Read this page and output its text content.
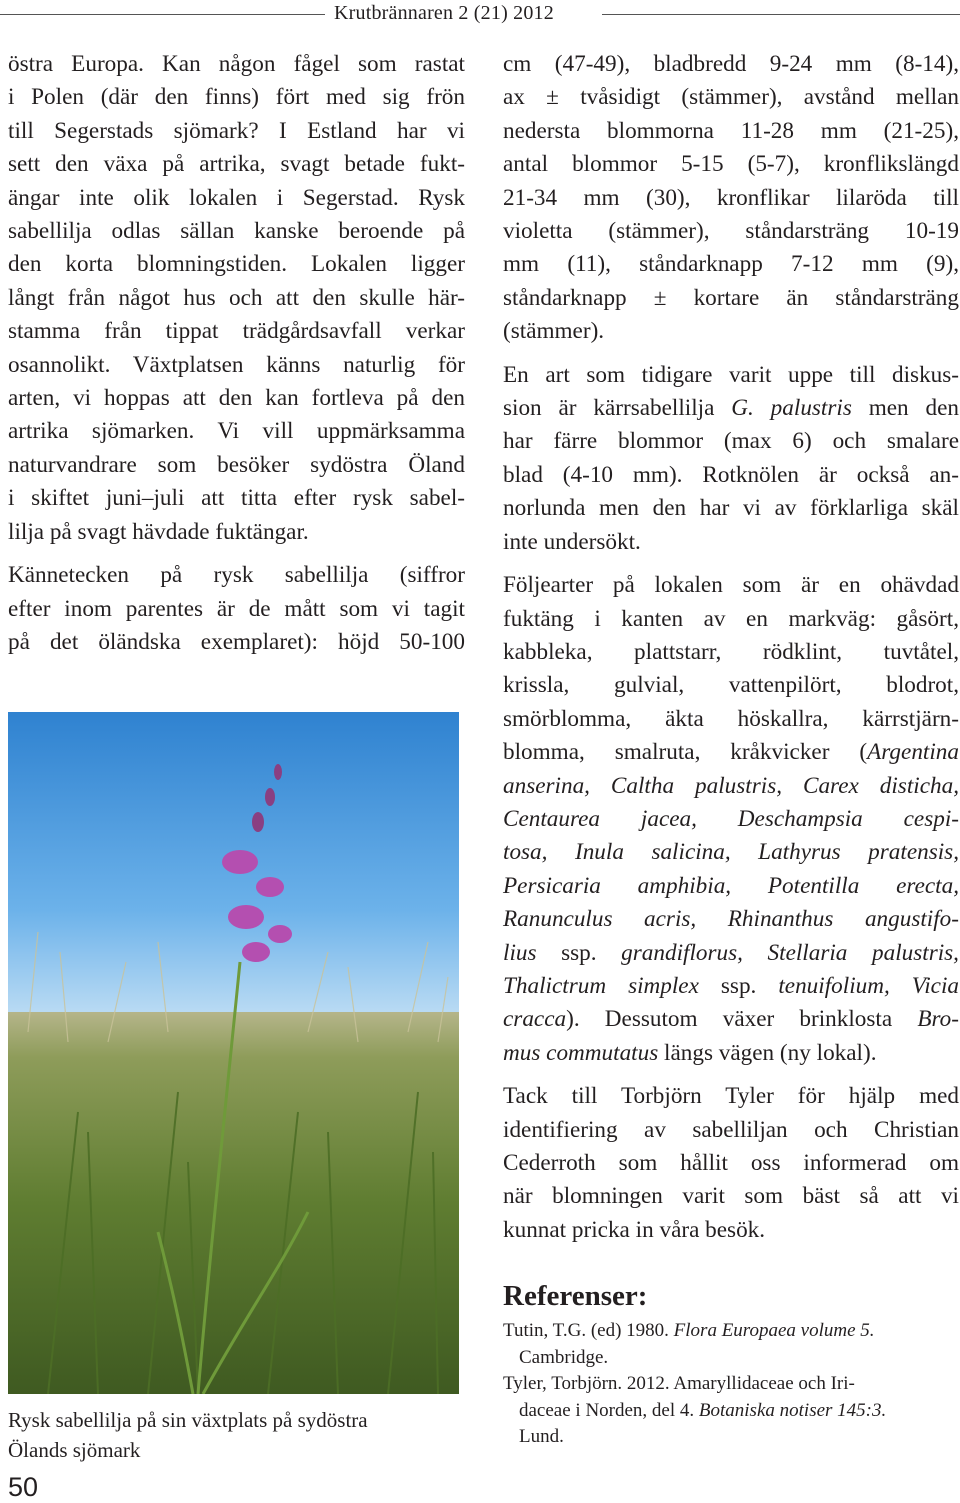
Krutbrännaren 2 (21) 2012
östra Europa. Kan någon fågel som rastat
i Polen (där den finns) fört med sig frön
till Segerstads sjömark? I Estland har vi
sett den växa på artrika, svagt betade fukt-
ängar inte olik lokalen i Segerstad. Rysk
sabellilja odlas sällan kanske beroende på
den korta blomningstiden. Lokalen ligger
långt från något hus och att den skulle här-
stamma från tippat trädgårdsavfall verkar
osannolikt. Växtplatsen känns naturlig för
arten, vi hoppas att den kan fortleva på den
artrika sjömarken. Vi vill uppmärksamma
naturvandrare som besöker sydöstra Öland
i skiftet juni–juli att titta efter rysk sabel-
lilja på svagt hävdade fuktängar.
Kännetecken på rysk sabellilja (siffror
efter inom parentes är de mått som vi tagit
på det öländska exemplaret): höjd 50-100
Rysk sabellilja på sin växtplats på sydöstra
Ölands sjömark
50
cm (47-49), bladbredd 9-24 mm (8-14),
ax ± tvåsidigt (stämmer), avstånd mellan
nedersta blommorna 11-28 mm (21-25),
antal blommor 5-15 (5-7), kronflikslängd
21-34 mm (30), kronflikar lilaröda till
violetta (stämmer), ståndarsträng 10-19
mm (11), ståndarknapp 7-12 mm (9),
ståndarknapp ± kortare än ståndarsträng
(stämmer).
En art som tidigare varit uppe till diskus-
sion är kärrsabellilja G. palustris men den
har färre blommor (max 6) och smalare
blad (4-10 mm). Rotknölen är också an-
norlunda men den har vi av förklarliga skäl
inte undersökt.
Följearter på lokalen som är en ohävdad
fuktäng i kanten av en markväg: gåsört,
kabbleka, plattstarr, rödklint, tuvtåtel,
krissla, gulvial, vattenpilört, blodrot,
smörblomma, äkta höskallra, kärrstjärn-
blomma, smalruta, kråkvicker (Argentina
anserina, Caltha palustris, Carex disticha,
Centaurea jacea, Deschampsia cespi-
tosa, Inula salicina, Lathyrus pratensis,
Persicaria amphibia, Potentilla erecta,
Ranunculus acris, Rhinanthus angustifo-
lius ssp. grandiflorus, Stellaria palustris,
Thalictrum simplex ssp. tenuifolium, Vicia
cracca). Dessutom växer brinklosta Bro-
mus commutatus längs vägen (ny lokal).
Tack till Torbjörn Tyler för hjälp med
identifiering av sabelliljan och Christian
Cederroth som hållit oss informerad om
när blomningen varit som bäst så att vi
kunnat pricka in våra besök.
Referenser:
Tutin, T.G. (ed) 1980. Flora Europaea volume 5.
Cambridge.
Tyler, Torbjörn. 2012. Amaryllidaceae och Iri-
daceae i Norden, del 4. Botaniska notiser 145:3.
Lund.
